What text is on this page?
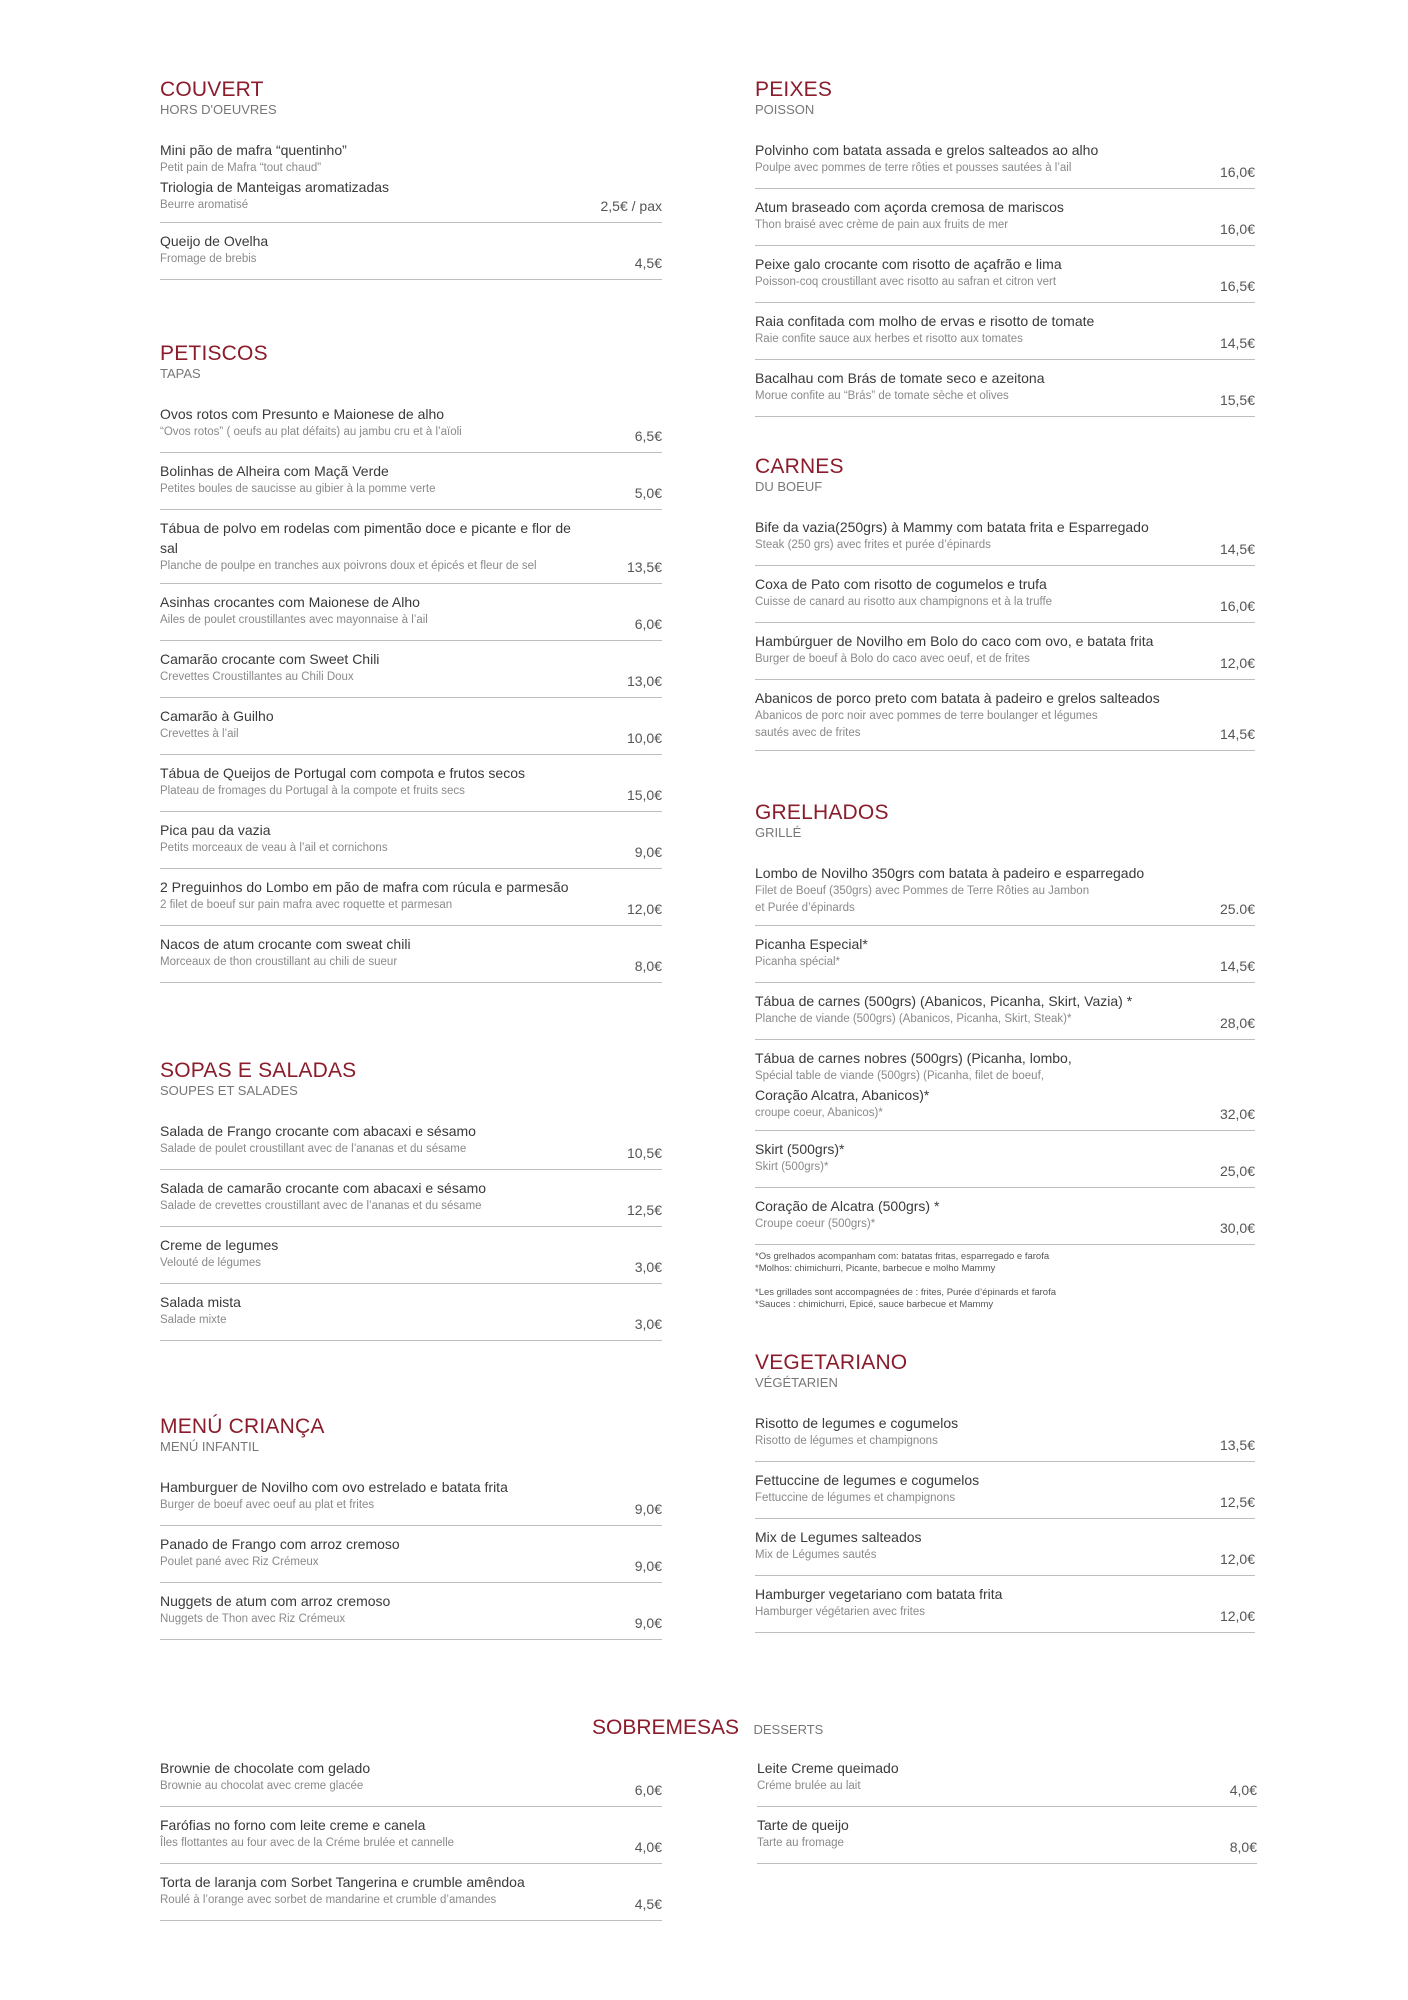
COUVERT
HORS D'OEUVRES
Mini pão de mafra “quentinho”
Petit pain de Mafra “tout chaud”
Triologia de Manteigas aromatizadas
Beurre aromatisé	2,5€ / pax
Queijo de Ovelha
Fromage de brebis	4,5€
PETISCOS
TAPAS
Ovos rotos com Presunto e Maionese de alho
“Ovos rotos” ( oeufs au plat défaits) au jambu cru et à l’aïoli	6,5€
Bolinhas de Alheira com Maçã Verde
Petites boules de saucisse au gibier à la pomme verte	5,0€
Tábua de polvo em rodelas com pimentão doce e picante e flor de sal
Planche de poulpe en tranches aux poivrons doux et épicés et fleur de sel	13,5€
Asinhas crocantes com Maionese de Alho
Ailes de poulet croustillantes avec mayonnaise à l’ail	6,0€
Camarão crocante com Sweet Chili
Crevettes Croustillantes au Chili Doux	13,0€
Camarão à Guilho
Crevettes à l’ail	10,0€
Tábua de Queijos de Portugal com compota e frutos secos
Plateau de fromages du Portugal à la compote et fruits secs	15,0€
Pica pau da vazia
Petits morceaux de veau à l’ail et cornichons	9,0€
2 Preguinhos do Lombo em pão de mafra com rúcula e parmesão
2 filet de boeuf sur pain mafra avec roquette et parmesan	12,0€
Nacos de atum crocante com sweat chili
Morceaux de thon croustillant au chili de sueur	8,0€
SOPAS E SALADAS
SOUPES ET SALADES
Salada de Frango crocante com abacaxi e sésamo
Salade de poulet croustillant avec de l’ananas et du sésame	10,5€
Salada de camarão crocante com abacaxi e sésamo
Salade de crevettes croustillant avec de l’ananas et du sésame	12,5€
Creme de legumes
Velouté de légumes	3,0€
Salada mista
Salade mixte	3,0€
MENÚ CRIANÇA
MENÚ INFANTIL
Hamburguer de Novilho com ovo estrelado e batata frita
Burger de boeuf avec oeuf au plat et frites	9,0€
Panado de Frango com arroz cremoso
Poulet pané avec Riz Crémeux	9,0€
Nuggets de atum com arroz cremoso
Nuggets de Thon avec Riz Crémeux	9,0€
PEIXES
POISSON
Polvinho com batata assada e grelos salteados ao alho
Poulpe avec pommes de terre rôties et pousses sautées à l’ail	16,0€
Atum braseado com açorda cremosa de mariscos
Thon braisé avec crème de pain aux fruits de mer	16,0€
Peixe galo crocante com risotto de açafrão e lima
Poisson-coq croustillant avec risotto au safran et citron vert	16,5€
Raia confitada com molho de ervas e risotto de tomate
Raie confite sauce aux herbes et risotto aux tomates	14,5€
Bacalhau com Brás de tomate seco e azeitona
Morue confite au “Brás” de tomate sèche et olives	15,5€
CARNES
DU BOEUF
Bife da vazia(250grs) à Mammy com batata frita e Esparregado
Steak (250 grs) avec frites et purée d’épinards	14,5€
Coxa de Pato com risotto de cogumelos e trufa
Cuisse de canard au risotto aux champignons et à la truffe	16,0€
Hambúrguer de Novilho em Bolo do caco com ovo, e batata frita
Burger de boeuf à Bolo do caco avec oeuf, et de frites	12,0€
Abanicos de porco preto com batata à padeiro e grelos salteados
Abanicos de porc noir avec pommes de terre boulanger et légumes
sautés avec de frites	14,5€
GRELHADOS
GRILLÉ
Lombo de Novilho 350grs com batata à padeiro e esparregado
Filet de Boeuf (350grs) avec Pommes de Terre Rôties au Jambon
et Purée d’épinards	25.0€
Picanha Especial*
Picanha spécial*	14,5€
Tábua de carnes (500grs) (Abanicos, Picanha, Skirt, Vazia) *
Planche de viande (500grs) (Abanicos, Picanha, Skirt, Steak)*	28,0€
Tábua de carnes nobres (500grs) (Picanha, lombo,
Spécial table de viande (500grs) (Picanha, filet de boeuf,
Coração Alcatra, Abanicos)*
croupe coeur, Abanicos)*	32,0€
Skirt (500grs)*
Skirt (500grs)*	25,0€
Coração de Alcatra (500grs) *
Croupe coeur (500grs)*	30,0€
*Os grelhados acompanham com: batatas fritas, esparregado e farofa
*Molhos: chimichurri, Picante, barbecue e molho Mammy
*Les grillades sont accompagnées de : frites, Purée d’épinards et farofa
*Sauces : chimichurri, Epicé, sauce barbecue et Mammy
VEGETARIANO
VÉGÉTARIEN
Risotto de legumes e cogumelos
Risotto de légumes et champignons	13,5€
Fettuccine de legumes e cogumelos
Fettuccine de légumes et champignons	12,5€
Mix de Legumes salteados
Mix de Légumes sautés	12,0€
Hamburger vegetariano com batata frita
Hamburger végétarien avec frites	12,0€
SOBREMESAS DESSERTS
Brownie de chocolate com gelado
Brownie au chocolat avec creme glacée	6,0€
Farófias no forno com leite creme e canela
Îles flottantes au four avec de la Créme brulée et cannelle	4,0€
Torta de laranja com Sorbet Tangerina e crumble amêndoa
Roulé à l’orange avec sorbet de mandarine et crumble d’amandes	4,5€
Leite Creme queimado
Créme brulée au lait	4,0€
Tarte de queijo
Tarte au fromage	8,0€
